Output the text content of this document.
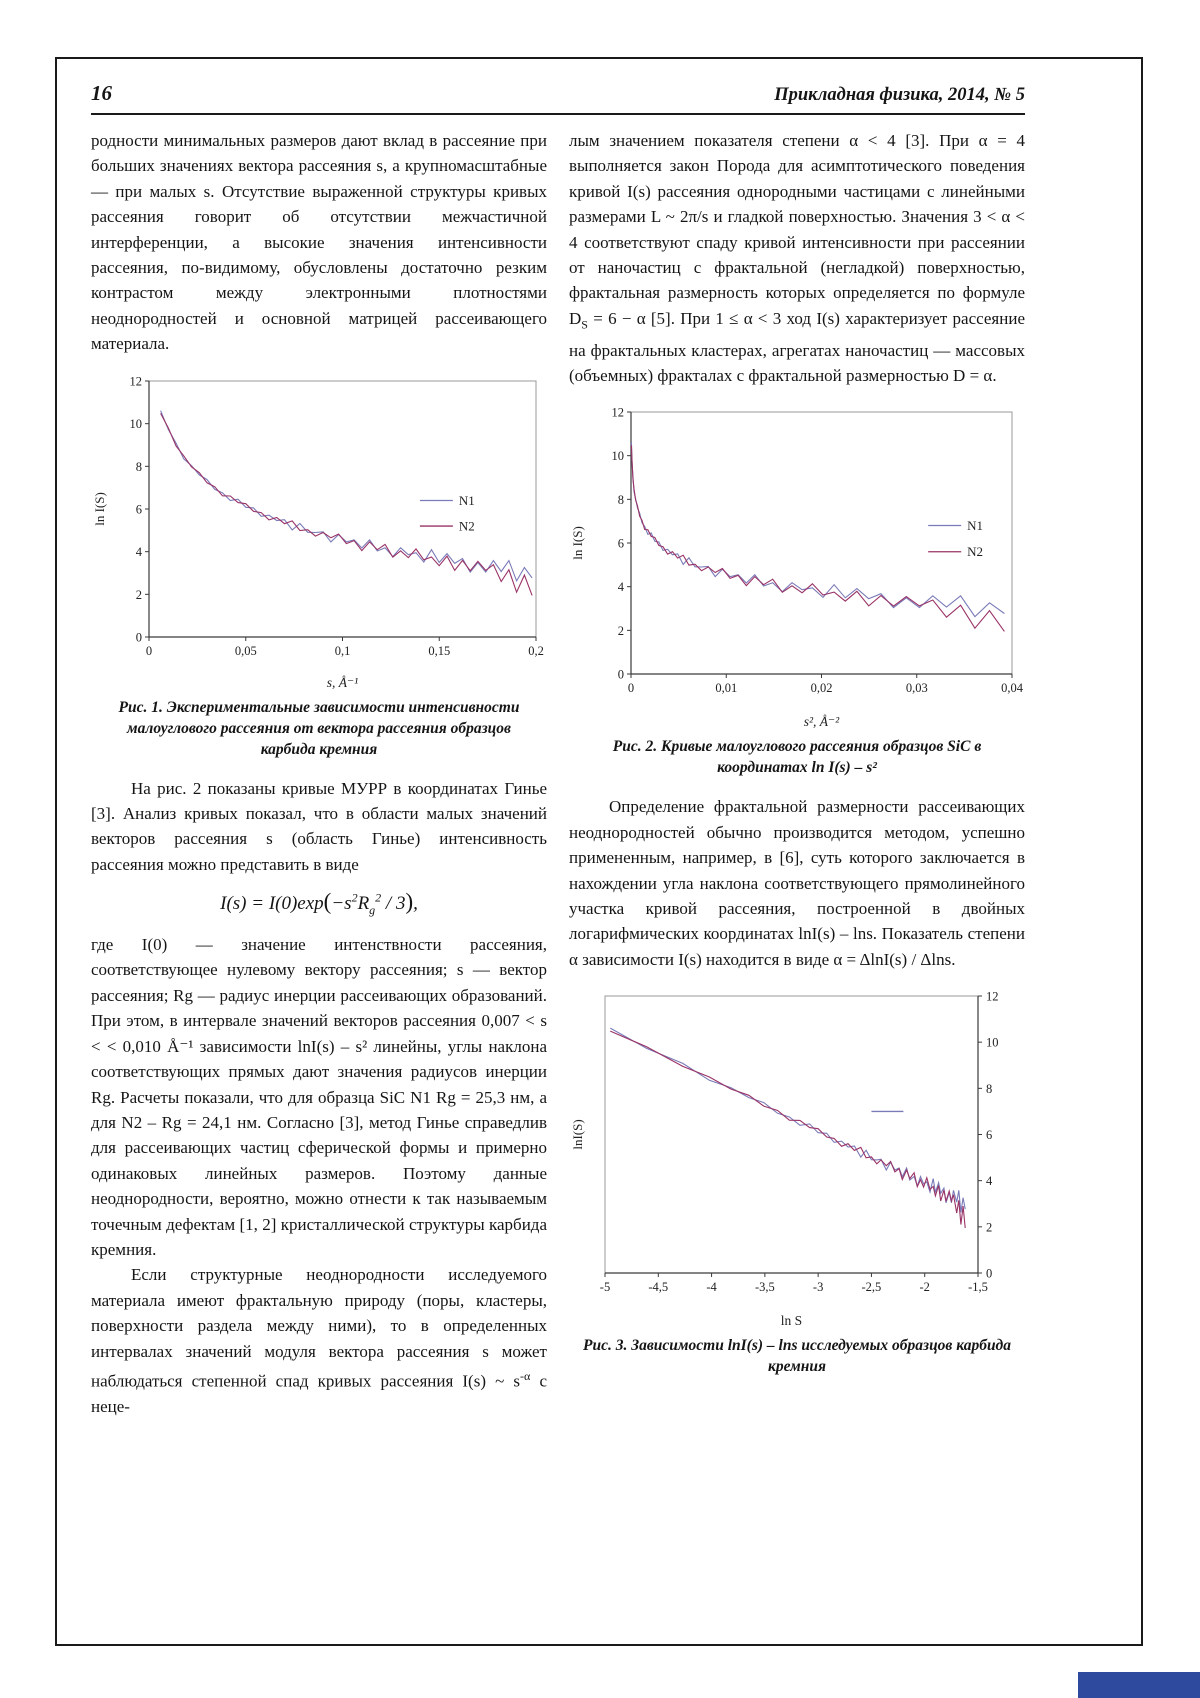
16	Прикладная физика, 2014, № 5

родности минимальных размеров дают вклад в рассеяние при больших значениях вектора рассеяния s, а крупномасштабные — при малых s. Отсутствие выраженной структуры кривых рассеяния говорит об отсутствии межчастичной интерференции, а высокие значения интенсивности рассеяния, по-видимому, обусловлены достаточно резким контрастом между электронными плотностями неоднородностей и основной матрицей рассеивающего материала.

0	0,05	0,1	0,15	0,2
0
2
4
6
8
10
12
s, Å⁻¹
ln I(S)	N1
N2
Рис. 1. Экспериментальные зависимости интенсивности малоуглового рассеяния от вектора рассеяния образцов карбида кремния

На рис. 2 показаны кривые МУРР в координатах Гинье [3]. Анализ кривых показал, что в области малых значений векторов рассеяния s (область Гинье) интенсивность рассеяния можно представить в виде

$I(s) = I(0)\exp(-s^2R_g^2 / 3)$,

где I(0) — значение интенствности рассеяния, соответствующее нулевому вектору рассеяния; s — вектор рассеяния; Rg — радиус инерции рассеивающих образований. При этом, в интервале значений векторов рассеяния 0,007 < s < < 0,010 Å⁻¹ зависимости lnI(s) – s² линейны, углы наклона соответствующих прямых дают значения радиусов инерции Rg. Расчеты показали, что для образца SiC N1 Rg = 25,3 нм, а для N2 – Rg = 24,1 нм. Согласно [3], метод Гинье справедлив для рассеивающих частиц сферической формы и примерно одинаковых линейных размеров. Поэтому данные неоднородности, вероятно, можно отнести к так называемым точечным дефектам [1, 2] кристаллической структуры карбида кремния.

Если структурные неоднородности исследуемого материала имеют фрактальную природу (поры, кластеры, поверхности раздела между ними), то в определенных интервалах значений модуля вектора рассеяния s может наблюдаться степенной спад кривых рассеяния I(s) ~ $s^{-\alpha}$ с неце-

лым значением показателя степени α < 4 [3]. При α = 4 выполняется закон Порода для асимптотического поведения кривой I(s) рассеяния однородными частицами с линейными размерами L ~ 2π/s и гладкой поверхностью. Значения 3 < α < 4 соответствуют спаду кривой интенсивности при рассеянии от наночастиц с фрактальной (негладкой) поверхностью, фрактальная размерность которых определяется по формуле $D_S = 6 - \alpha$ [5]. При 1 ≤ α < 3 ход I(s) характеризует рассеяние на фрактальных кластерах, агрегатах наночастиц — массовых (объемных) фракталах с фрактальной размерностью D = α.

0	0,01	0,02	0,03	0,04
0
2
4
6
8
10
12
s², Å⁻²
ln I(S)
N1
N2
Рис. 2. Кривые малоуглового рассеяния образцов SiC в координатах ln I(s) – s²

Определение фрактальной размерности рассеивающих неоднородностей обычно производится методом, успешно примененным, например, в [6], суть которого заключается в нахождении угла наклона соответствующего прямолинейного участка кривой рассеяния, построенной в двойных логарифмических координатах lnI(s) – lns. Показатель степени α зависимости I(s) находится в виде α = ΔlnI(s) / Δlns.

-5	-4,5	-4	-3,5	-3	-2,5	-2	-1,5
0
2
4
6
8
10
12
ln S
lnI(S)
Рис. 3. Зависимости lnI(s) – lns исследуемых образцов карбида кремния
